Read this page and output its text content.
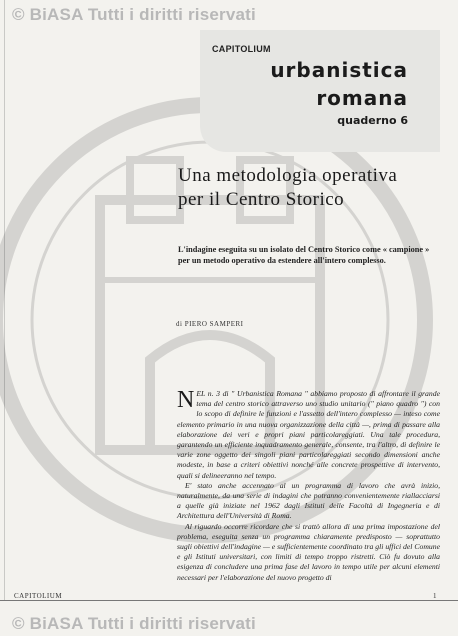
© BiASA Tutti i diritti riservati
CAPITOLIUM
urbanistica
romana
quaderno 6
Una metodologia operativa
per il Centro Storico
L'indagine eseguita su un isolato del Centro Storico come « campione » per un metodo operativo da estendere all'intero complesso.
di PIERO SAMPERI

NEL n. 3 di " Urbanistica Romana " abbiamo proposto di affrontare il grande tema del centro storico attraverso uno studio unitario (" piano quadro ") con lo scopo di definire le funzioni e l'assetto dell'intero complesso — inteso come elemento primario in una nuova organizzazione della città —, prima di passare alla elaborazione dei veri e propri piani particolareggiati. Una tale procedura, garantendo un efficiente inquadramento generale, consente, tra l'altro, di definire le varie zone oggetto dei singoli piani particolareggiati secondo dimensioni anche modeste, in base a criteri obiettivi nonché alle concrete prospettive di intervento, quali si delineeranno nel tempo.

E' stato anche accennato al un programma di lavoro che avrà inizio, naturalmente, da una serie di indagini che potranno convenientemente riallacciarsi a quelle già iniziate nel 1962 dagli Istituti delle Facoltà di Ingegneria e di Architettura dell'Università di Roma.

Al riguardo occorre ricordare che si trattò allora di una prima impostazione del problema, eseguita senza un programma chiaramente predisposto — soprattutto sugli obiettivi dell'indagine — e sufficientemente coordinato tra gli uffici del Comune e gli Istituti universitari, con limiti di tempo troppo ristretti. Ciò fu dovuto alla esigenza di concludere una prima fase del lavoro in tempo utile per alcuni elementi necessari per l'elaborazione del nuovo progetto di

CAPITOLIUM	1
© BiASA Tutti i diritti riservati
